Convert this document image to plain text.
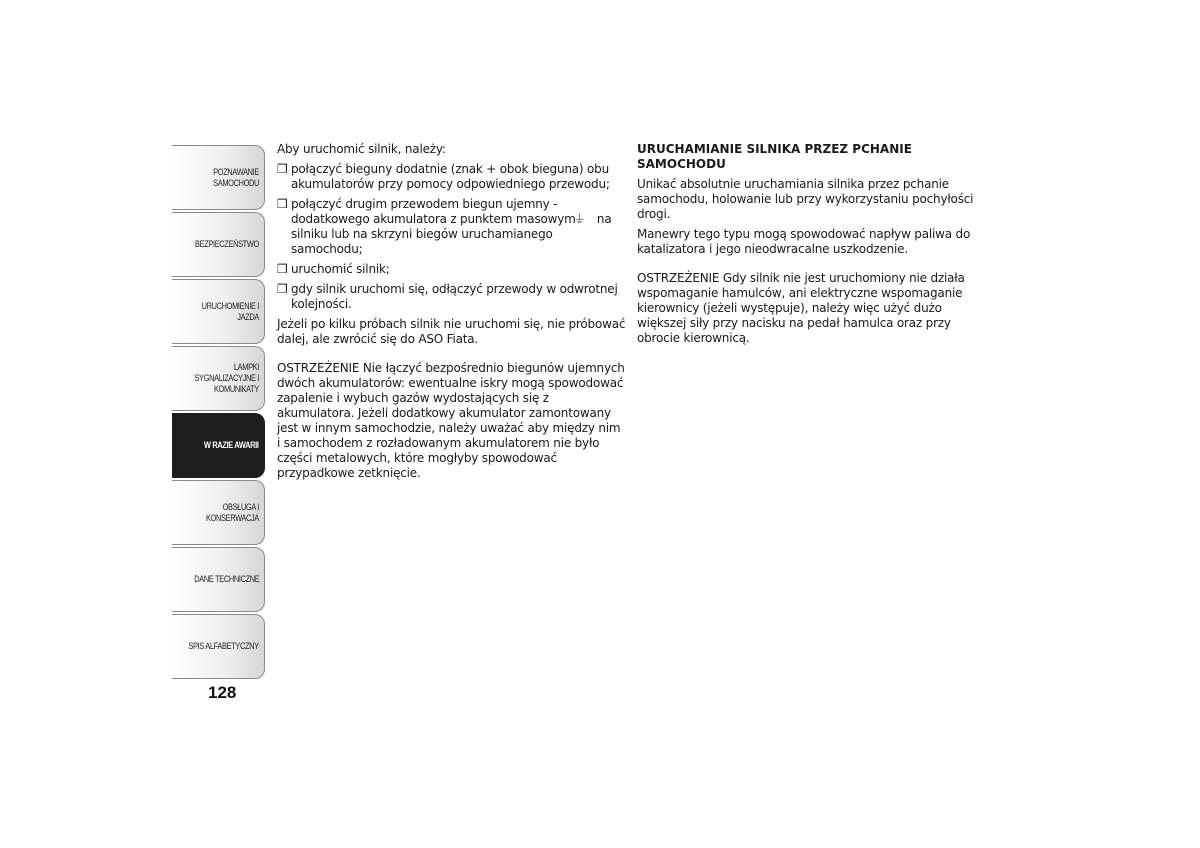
POZNAWANIE SAMOCHODU
BEZPIECZEŃSTWO
URUCHOMIENIE I JAZDA
LAMPKI SYGNALIZACYJNE I KOMUNIKATY
W RAZIE AWARII
OBSŁUGA I KONSERWACJA
DANE TECHNICZNE
SPIS ALFABETYCZNY
128

Aby uruchomić silnik, należy:

❒ połączyć bieguny dodatnie (znak + obok bieguna) obu akumulatorów przy pomocy odpowiedniego przewodu;

❒ połączyć drugim przewodem biegun ujemny - dodatkowego akumulatora z punktem masowym ⏚ na silniku lub na skrzyni biegów uruchamianego samochodu;

❒ uruchomić silnik;

❒ gdy silnik uruchomi się, odłączyć przewody w odwrotnej kolejności.

Jeżeli po kilku próbach silnik nie uruchomi się, nie próbować dalej, ale zwrócić się do ASO Fiata.

OSTRZEŻENIE Nie łączyć bezpośrednio biegunów ujemnych dwóch akumulatorów: ewentualne iskry mogą spowodować zapalenie i wybuch gazów wydostających się z akumulatora. Jeżeli dodatkowy akumulator zamontowany jest w innym samochodzie, należy uważać aby między nim i samochodem z rozładowanym akumulatorem nie było części metalowych, które mogłyby spowodować przypadkowe zetknięcie.

URUCHAMIANIE SILNIKA PRZEZ PCHANIE SAMOCHODU

Unikać absolutnie uruchamiania silnika przez pchanie samochodu, holowanie lub przy wykorzystaniu pochyłości drogi.

Manewry tego typu mogą spowodować napływ paliwa do katalizatora i jego nieodwracalne uszkodzenie.

OSTRZEŻENIE Gdy silnik nie jest uruchomiony nie działa wspomaganie hamulców, ani elektryczne wspomaganie kierownicy (jeżeli występuje), należy więc użyć dużo większej siły przy nacisku na pedał hamulca oraz przy obrocie kierownicą.
